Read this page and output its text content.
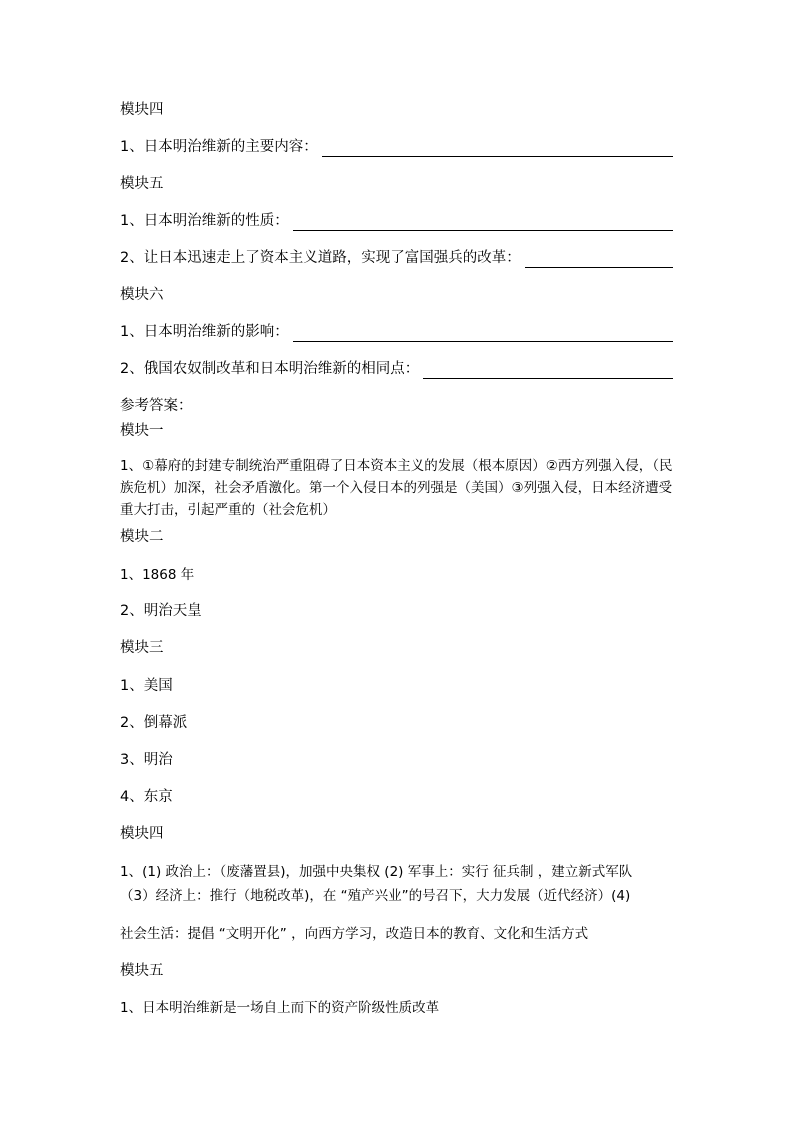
模块四
1、日本明治维新的主要内容：
模块五
1、日本明治维新的性质：
2、让日本迅速走上了资本主义道路，实现了富国强兵的改革：
模块六
1、日本明治维新的影响：
2、俄国农奴制改革和日本明治维新的相同点：
参考答案：
模块一
1、①幕府的封建专制统治严重阻碍了日本资本主义的发展（根本原因）②西方列强入侵，（民族危机）加深，社会矛盾激化。第一个入侵日本的列强是（美国）③列强入侵，日本经济遭受重大打击，引起严重的（社会危机）
模块二
1、1868 年
2、明治天皇
模块三
1、美国
2、倒幕派
3、明治
4、东京
模块四
1、(1) 政治上：（废藩置县)，加强中央集权 (2) 军事上：实行 征兵制 ，建立新式军队
（3）经济上：推行（地税改革)，在 “殖产兴业”的号召下，大力发展（近代经济）(4)
社会生活：提倡 “文明开化” ，向西方学习，改造日本的教育、文化和生活方式
模块五
1、日本明治维新是一场自上而下的资产阶级性质改革
